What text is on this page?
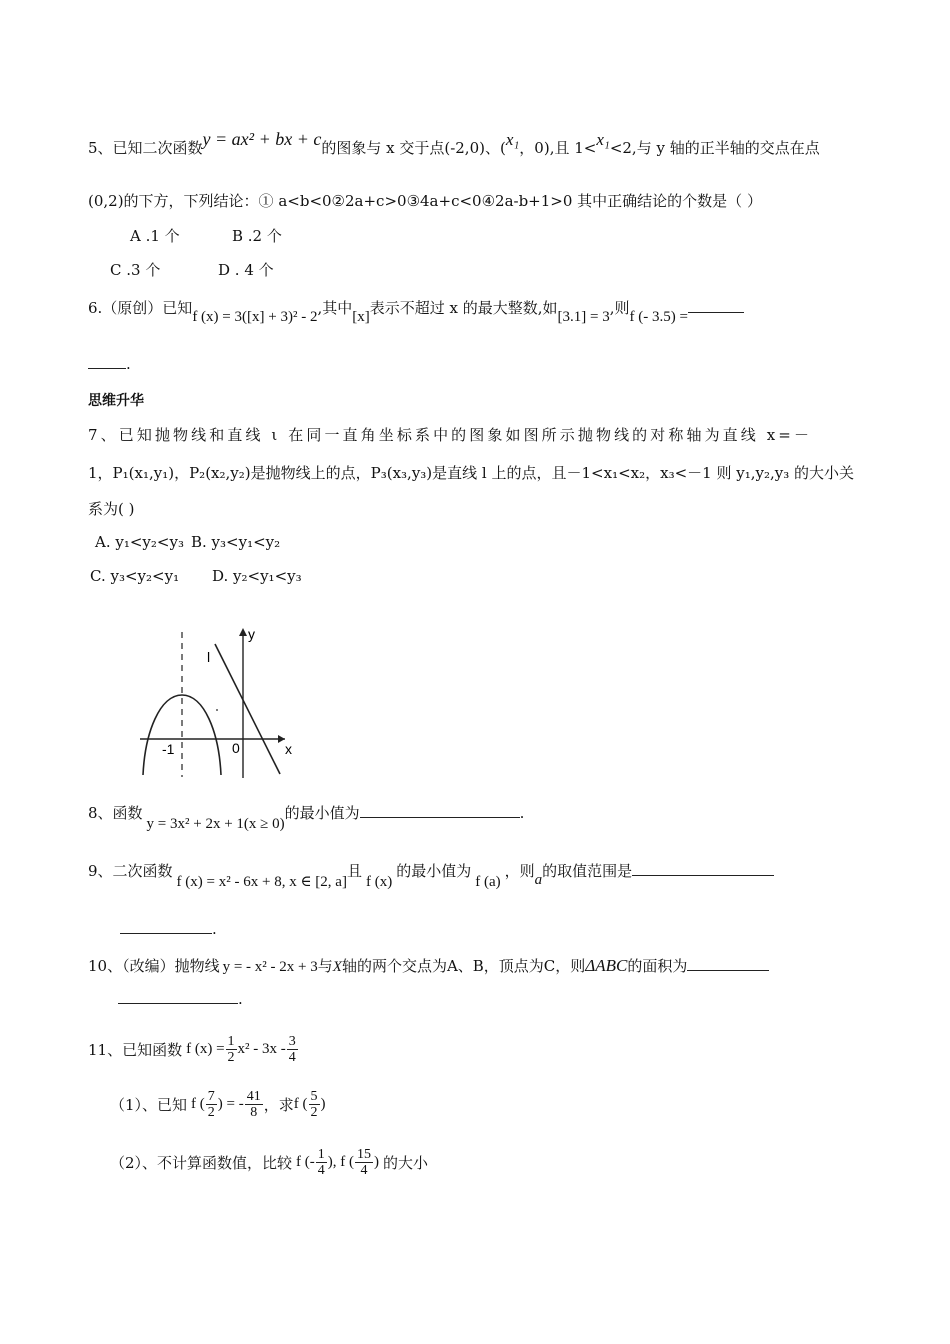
5、已知二次函数y = ax² + bx + c的图象与 x 交于点(-2,0)、(x₁，0),且 1<x₁<2,与 y 轴的正半轴的交点在点
(0,2)的下方，下列结论：① a<b<0②2a+c>0③4a+c<0④2a-b+1>0 其中正确结论的个数是（ ）
A .1 个	B .2 个
C .3 个	D . 4 个
6.（原创）已知f (x) = 3([x] + 3)² - 2,其中[x]表示不超过 x 的最大整数,如[3.1] = 3,则f (- 3.5) =
.
思维升华
7、已知抛物线和直线 ι 在同一直角坐标系中的图象如图所示抛物线的对称轴为直线 x=－
1，P₁(x₁,y₁)，P₂(x₂,y₂)是抛物线上的点，P₃(x₃,y₃)是直线 l 上的点，且－1<x₁<x₂，x₃<－1 则 y₁,y₂,y₃ 的大小关
系为( )
A. y₁<y₂<y₃ B. y₃<y₁<y₂
C. y₃<y₂<y₁ D. y₂<y₁<y₃
y
x
l
-1	0
8、函数y = 3x² + 2x + 1(x ≥ 0)的最小值为	.
9、二次函数f (x) = x² - 6x + 8, x ∈ [2, a]且f (x)的最小值为f (a)，则a的取值范围是
.
10、（改编）抛物线 y = - x² - 2x + 3与X轴的两个交点为A、B，顶点为C，则ΔABC的面积为
.
11、已知函数 f $(x) = \frac{1}{2} x^2 - 3x - \frac{3}{4}$
（1）、已知 f ( $\frac{7}{2}$ ) = - $\frac{41}{8}$ ，求 f ( $\frac{5}{2}$ )
（2）、不计算函数值，比较 f (- $\frac{1}{4}$ ), f ( $\frac{15}{4}$ ) 的大小
